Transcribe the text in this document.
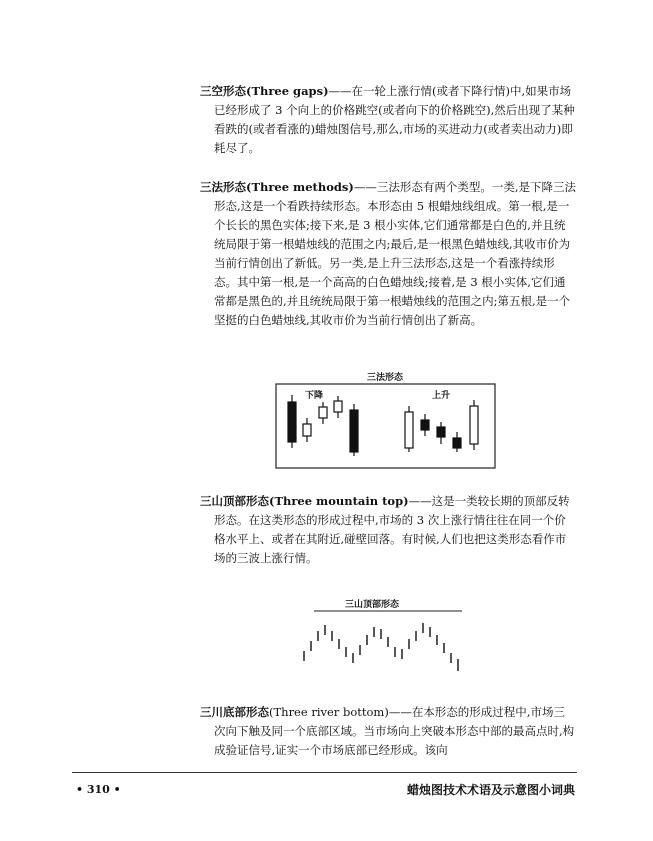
三空形态(Three gaps)——在一轮上涨行情(或者下降行情)中,如果市场已经形成了 3 个向上的价格跳空(或者向下的价格跳空),然后出现了某种看跌的(或者看涨的)蜡烛图信号,那么,市场的买进动力(或者卖出动力)即耗尽了。
三法形态(Three methods)——三法形态有两个类型。一类,是下降三法形态,这是一个看跌持续形态。本形态由 5 根蜡烛线组成。第一根,是一个长长的黑色实体;接下来,是 3 根小实体,它们通常都是白色的,并且统统局限于第一根蜡烛线的范围之内;最后,是一根黑色蜡烛线,其收市价为当前行情创出了新低。另一类,是上升三法形态,这是一个看涨持续形态。其中第一根,是一个高高的白色蜡烛线;接着,是 3 根小实体,它们通常都是黑色的,并且统统局限于第一根蜡烛线的范围之内;第五根,是一个坚挺的白色蜡烛线,其收市价为当前行情创出了新高。
三法形态
下降	上升
三山顶部形态(Three mountain top)——这是一类较长期的顶部反转形态。在这类形态的形成过程中,市场的 3 次上涨行情往往在同一个价格水平上、或者在其附近,碰壁回落。有时候,人们也把这类形态看作市场的三波上涨行情。
三山顶部形态
三川底部形态(Three river bottom)——在本形态的形成过程中,市场三次向下触及同一个底部区域。当市场向上突破本形态中部的最高点时,构成验证信号,证实一个市场底部已经形成。该向
• 310 •	蜡烛图技术术语及示意图小词典
